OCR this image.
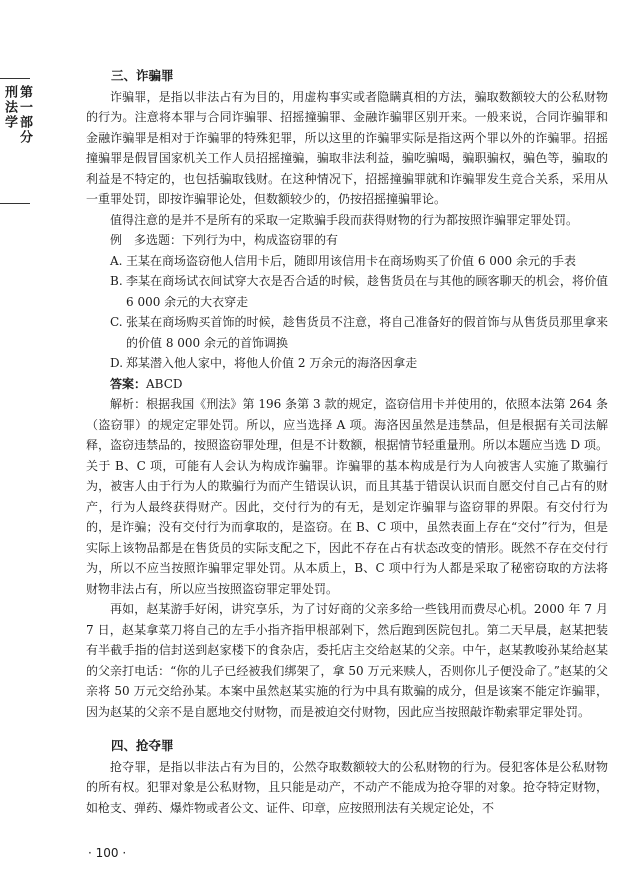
第一部分
刑法学

三、诈骗罪

诈骗罪，是指以非法占有为目的，用虚构事实或者隐瞒真相的方法，骗取数额较大的公私财物的行为。注意将本罪与合同诈骗罪、招摇撞骗罪、金融诈骗罪区别开来。一般来说，合同诈骗罪和金融诈骗罪是相对于诈骗罪的特殊犯罪，所以这里的诈骗罪实际是指这两个罪以外的诈骗罪。招摇撞骗罪是假冒国家机关工作人员招摇撞骗，骗取非法利益，骗吃骗喝，骗职骗权，骗色等，骗取的利益是不特定的，也包括骗取钱财。在这种情况下，招摇撞骗罪就和诈骗罪发生竞合关系，采用从一重罪处罚，即按诈骗罪论处，但数额较少的，仍按招摇撞骗罪论。

值得注意的是并不是所有的采取一定欺骗手段而获得财物的行为都按照诈骗罪定罪处罚。

例　多选题：下列行为中，构成盗窃罪的有

A. 王某在商场盗窃他人信用卡后，随即用该信用卡在商场购买了价值 6 000 余元的手表

B. 李某在商场试衣间试穿大衣是否合适的时候，趁售货员在与其他的顾客聊天的机会，将价值 6 000 余元的大衣穿走

C. 张某在商场购买首饰的时候，趁售货员不注意，将自己准备好的假首饰与从售货员那里拿来的价值 8 000 余元的首饰调换

D. 郑某潜入他人家中，将他人价值 2 万余元的海洛因拿走

答案：ABCD

解析：根据我国《刑法》第 196 条第 3 款的规定，盗窃信用卡并使用的，依照本法第 264 条（盗窃罪）的规定定罪处罚。所以，应当选择 A 项。海洛因虽然是违禁品，但是根据有关司法解释，盗窃违禁品的，按照盗窃罪处理，但是不计数额，根据情节轻重量刑。所以本题应当选 D 项。关于 B、C 项，可能有人会认为构成诈骗罪。诈骗罪的基本构成是行为人向被害人实施了欺骗行为，被害人由于行为人的欺骗行为而产生错误认识，而且其基于错误认识而自愿交付自己占有的财产，行为人最终获得财产。因此，交付行为的有无，是划定诈骗罪与盗窃罪的界限。有交付行为的，是诈骗；没有交付行为而拿取的，是盗窃。在 B、C 项中，虽然表面上存在“交付”行为，但是实际上该物品都是在售货员的实际支配之下，因此不存在占有状态改变的情形。既然不存在交付行为，所以不应当按照诈骗罪定罪处罚。从本质上，B、C 项中行为人都是采取了秘密窃取的方法将财物非法占有，所以应当按照盗窃罪定罪处罚。

再如，赵某游手好闲，讲究享乐，为了讨好商的父亲多给一些钱用而费尽心机。2000 年 7 月 7 日，赵某拿菜刀将自己的左手小指齐指甲根部剁下，然后跑到医院包扎。第二天早晨，赵某把装有半截手指的信封送到赵家楼下的食杂店，委托店主交给赵某的父亲。中午，赵某教唆孙某给赵某的父亲打电话：“你的儿子已经被我们绑架了，拿 50 万元来赎人，否则你儿子便没命了。”赵某的父亲将 50 万元交给孙某。本案中虽然赵某实施的行为中具有欺骗的成分，但是该案不能定诈骗罪，因为赵某的父亲不是自愿地交付财物，而是被迫交付财物，因此应当按照敲诈勒索罪定罪处罚。

四、抢夺罪

抢夺罪，是指以非法占有为目的，公然夺取数额较大的公私财物的行为。侵犯客体是公私财物的所有权。犯罪对象是公私财物，且只能是动产，不动产不能成为抢夺罪的对象。抢夺特定财物，如枪支、弹药、爆炸物或者公文、证件、印章，应按照刑法有关规定论处，不

· 100 ·
